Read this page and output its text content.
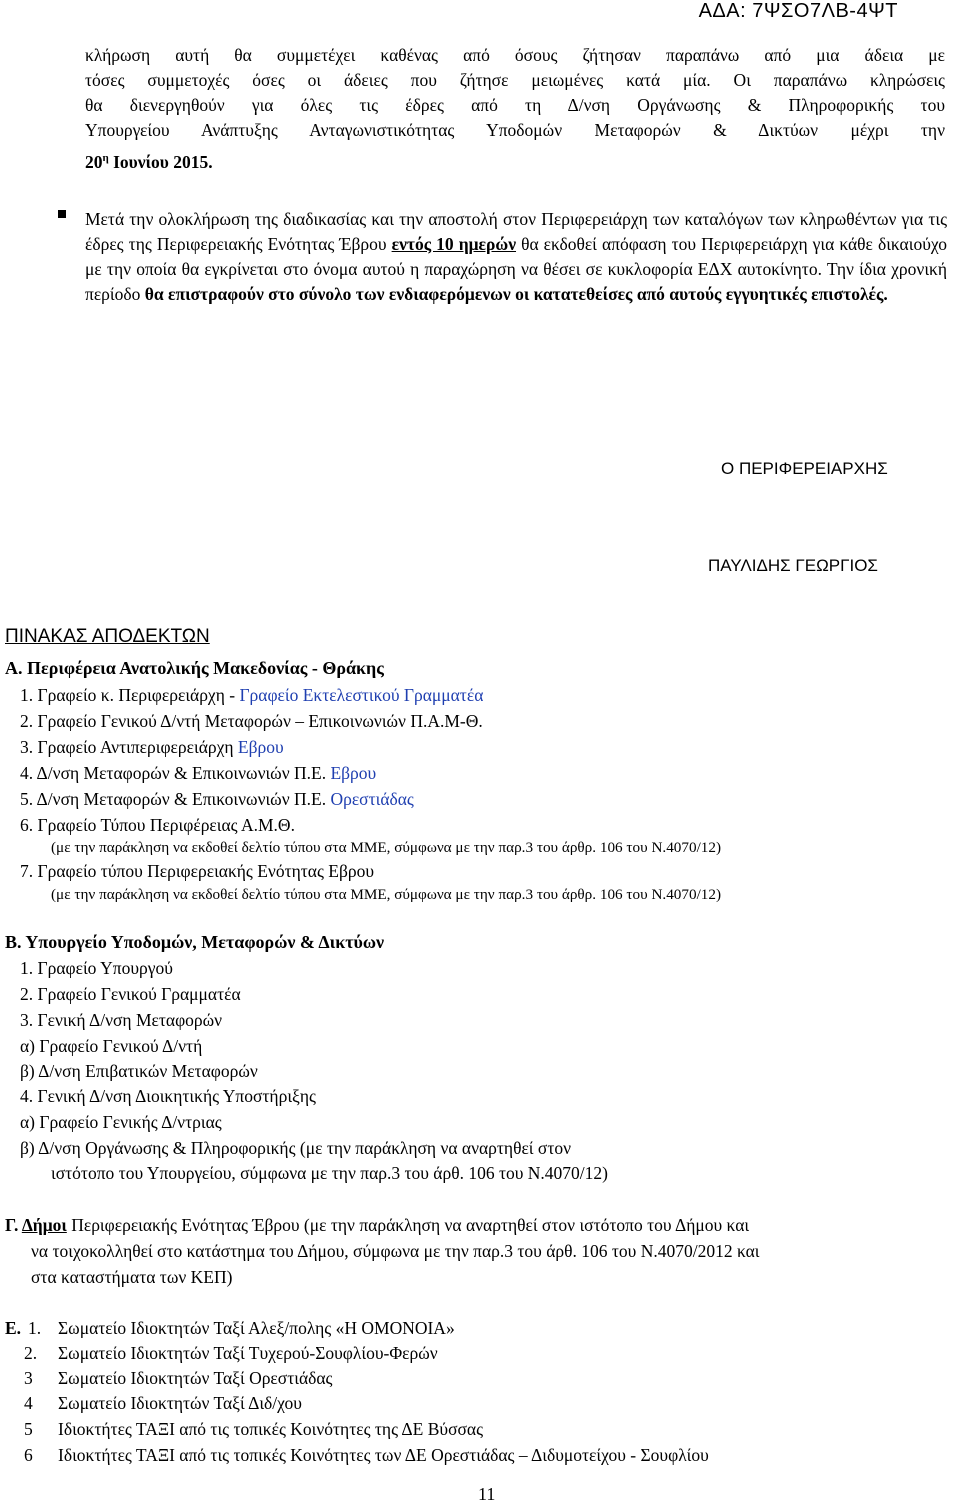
ΑΔΑ: 7ΨΣΟ7ΛΒ-4ΨΤ
κλήρωση αυτή θα συμμετέχει καθένας από όσους ζήτησαν παραπάνω από μια άδεια με
τόσες συμμετοχές όσες οι άδειες που ζήτησε μειωμένες κατά μία. Οι παραπάνω κληρώσεις
θα διενεργηθούν για όλες τις έδρες από τη Δ/νση Οργάνωσης & Πληροφορικής του
Υπουργείου Ανάπτυξης Ανταγωνιστικότητας Υποδομών Μεταφορών & Δικτύων μέχρι την
$20^\eta$ Ιουνίου 2015.
Μετά την ολοκλήρωση της διαδικασίας και την αποστολή στον Περιφερειάρχη των καταλόγων των κληρωθέντων για τις έδρες της Περιφερειακής Ενότητας Έβρου εντός 10 ημερών θα εκδοθεί απόφαση του Περιφερειάρχη για κάθε δικαιούχο με την οποία θα εγκρίνεται στο όνομα αυτού η παραχώρηση να θέσει σε κυκλοφορία ΕΔΧ αυτοκίνητο. Την ίδια χρονική περίοδο θα επιστραφούν στο σύνολο των ενδιαφερόμενων οι κατατεθείσες από αυτούς εγγυητικές επιστολές.
Ο ΠΕΡΙΦΕΡΕΙΑΡΧΗΣ
ΠΑΥΛΙΔΗΣ ΓΕΩΡΓΙΟΣ
ΠΙΝΑΚΑΣ ΑΠΟΔΕΚΤΩΝ
Α. Περιφέρεια Ανατολικής Μακεδονίας - Θράκης
1. Γραφείο κ. Περιφερειάρχη - Γραφείο Εκτελεστικού Γραμματέα
2. Γραφείο Γενικού Δ/ντή Μεταφορών – Επικοινωνιών Π.Α.Μ-Θ.
3. Γραφείο Αντιπεριφερειάρχη Εβρου
4. Δ/νση Μεταφορών & Επικοινωνιών Π.Ε. Εβρου
5. Δ/νση Μεταφορών & Επικοινωνιών Π.Ε. Ορεστιάδας
6. Γραφείο Τύπου Περιφέρειας Α.Μ.Θ.
(με την παράκληση να εκδοθεί δελτίο τύπου στα ΜΜΕ, σύμφωνα με την παρ.3 του άρθρ. 106 του Ν.4070/12)
7. Γραφείο τύπου Περιφερειακής Ενότητας Εβρου
(με την παράκληση να εκδοθεί δελτίο τύπου στα ΜΜΕ, σύμφωνα με την παρ.3 του άρθρ. 106 του Ν.4070/12)
Β. Υπουργείο Υποδομών, Μεταφορών & Δικτύων
1. Γραφείο Υπουργού
2. Γραφείο Γενικού Γραμματέα
3. Γενική Δ/νση Μεταφορών
α) Γραφείο Γενικού Δ/ντή
β) Δ/νση Επιβατικών Μεταφορών
4. Γενική Δ/νση Διοικητικής Υποστήριξης
α) Γραφείο Γενικής Δ/ντριας
β) Δ/νση Οργάνωσης & Πληροφορικής (με την παράκληση να αναρτηθεί στον
ιστότοπο του Υπουργείου, σύμφωνα με την παρ.3 του άρθ. 106 του Ν.4070/12)
Γ. Δήμοι Περιφερειακής Ενότητας Έβρου (με την παράκληση να αναρτηθεί στον ιστότοπο του Δήμου και
να τοιχοκολληθεί στο κατάστημα του Δήμου, σύμφωνα με την παρ.3 του άρθ. 106 του Ν.4070/2012 και
στα καταστήματα των ΚΕΠ)
Ε. 1. Σωματείο Ιδιοκτητών Ταξί Αλεξ/πολης «Η ΟΜΟΝΟΙΑ»
2. Σωματείο Ιδιοκτητών Ταξί Τυχερού-Σουφλίου-Φερών
3 Σωματείο Ιδιοκτητών Ταξί Ορεστιάδας
4 Σωματείο Ιδιοκτητών Ταξί Διδ/χου
5 Ιδιοκτήτες ΤΑΞΙ από τις τοπικές Κοινότητες της ΔΕ Βύσσας
6 Ιδιοκτήτες ΤΑΞΙ από τις τοπικές Κοινότητες των ΔΕ Ορεστιάδας – Διδυμοτείχου - Σουφλίου
11
